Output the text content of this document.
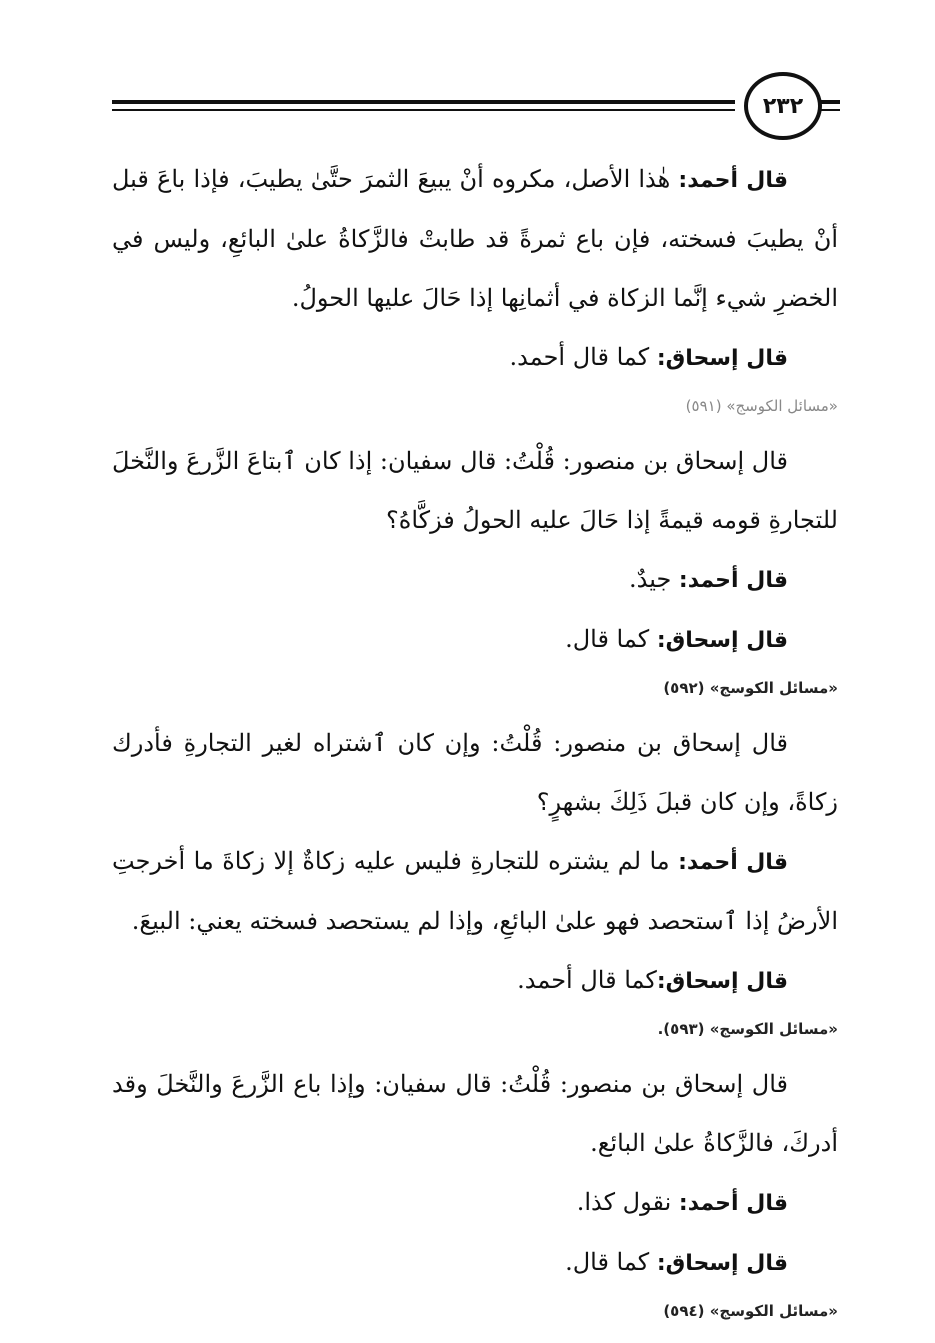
٢٣٢

قال أحمد: هٰذا الأصل، مكروه أنْ يبيعَ الثمرَ حتَّىٰ يطيبَ، فإذا باعَ قبل أنْ يطيبَ فسخته، فإن باع ثمرةً قد طابتْ فالزَّكاةُ علىٰ البائعِ، وليس في الخضرِ شيء إنَّما الزكاة في أثمانِها إذا حَالَ عليها الحولُ.

قال إسحاق: كما قال أحمد.

«مسائل الكوسج» (٥٩١)

قال إسحاق بن منصور: قُلْتُ: قال سفيان: إذا كان ٱبتاعَ الزَّرعَ والنَّخلَ للتجارةِ قومه قيمةً إذا حَالَ عليه الحولُ فزكَّاهُ؟

قال أحمد: جيدٌ.

قال إسحاق: كما قال.

«مسائل الكوسج» (٥٩٢)

قال إسحاق بن منصور: قُلْتُ: وإن كان ٱشتراه لغير التجارةِ فأدرك زكاةً، وإن كان قبلَ ذَلِكَ بشهرٍ؟

قال أحمد: ما لم يشتره للتجارةِ فليس عليه زكاةٌ إلا زكاةَ ما أخرجتِ الأرضُ إذا ٱستحصد فهو علىٰ البائعِ، وإذا لم يستحصد فسخته يعني: البيعَ.

قال إسحاق:كما قال أحمد.

«مسائل الكوسج» (٥٩٣).

قال إسحاق بن منصور: قُلْتُ: قال سفيان: وإذا باع الزَّرعَ والنَّخلَ وقد أدركَ، فالزَّكاةُ علىٰ البائع.

قال أحمد: نقول كذا.

قال إسحاق: كما قال.

«مسائل الكوسج» (٥٩٤)
